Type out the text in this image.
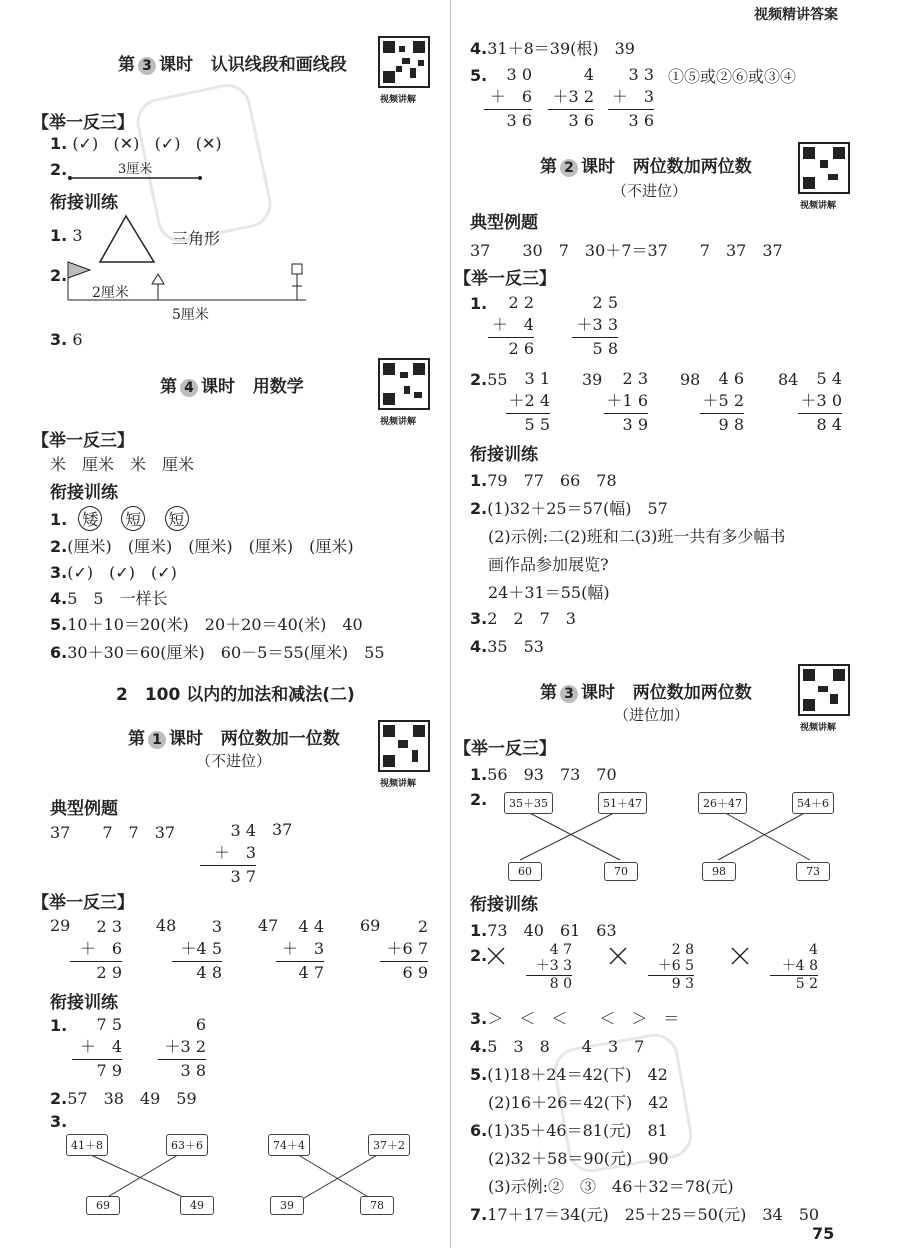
视频精讲答案
75
第 3 课时 认识线段和画线段
视频讲解
【举一反三】
1. (✓) (✕) (✓) (✕)
2.	3厘米
衔接训练
1. 3	三角形
2.
2厘米
5厘米
3. 6
第 4 课时 用数学
视频讲解
【举一反三】
米　厘米　米　厘米
衔接训练
1. 矮 短 短
2.(厘米)　(厘米)　(厘米)　(厘米)　(厘米)
3.(✓)　(✓)　(✓)
4.5　5　一样长
5.10＋10＝20(米)　20＋20＝40(米)　40
6.30＋30＝60(厘米)　60－5＝55(厘米)　55
2　100 以内的加法和减法(二)
第 1 课时 两位数加一位数
（不进位）
视频讲解
典型例题
37　　7　7　37	3 4
＋　3
3 7
37
【举一反三】
29	2 3
＋　6
2 9
48	3
＋4 5
4 8
47	4 4
＋　3
4 7
69	2
＋6 7
6 9
衔接训练
1.	7 5
＋　4
7 9
6
＋3 2
3 8
2.57　38　49　59
3.
41＋8	63＋6	74＋4	37＋2
69	49	39	78
4.31＋8＝39(根)　39
5.	3 0
＋　6
3 6
4
＋3 2
3 6
3 3
＋　3
3 6
①⑤或②⑥或③④
第 2 课时 两位数加两位数
（不进位）
视频讲解
典型例题
37　　30　7　30＋7＝37　　7　37　37
【举一反三】
1.	2 2
＋　4
2 6
2 5
＋3 3
5 8
2.55	3 1
＋2 4
5 5
39	2 3
＋1 6
3 9
98	4 6
＋5 2
9 8
84	5 4
＋3 0
8 4
衔接训练
1.79　77　66　78
2.(1)32＋25＝57(幅)　57
(2)示例:二(2)班和二(3)班一共有多少幅书
画作品参加展览?
24＋31＝55(幅)
3.2　2　7　3
4.35　53
第 3 课时 两位数加两位数
（进位加）
视频讲解
【举一反三】
1.56　93　73　70
2.	35＋35	51＋47	26＋47	54＋6
60	70	98	73
衔接训练
1.73　40　61　63
2.	4 7
＋3 3
8 0
2 8
＋6 5
9 3
4
＋4 8
5 2
3.＞　＜　＜　　＜　＞　＝
4.5　3　8　　4　3　7
5.(1)18＋24＝42(下)　42
(2)16＋26＝42(下)　42
6.(1)35＋46＝81(元)　81
(2)32＋58＝90(元)　90
(3)示例:②　③　46＋32＝78(元)
7.17＋17＝34(元)　25＋25＝50(元)　34　50
